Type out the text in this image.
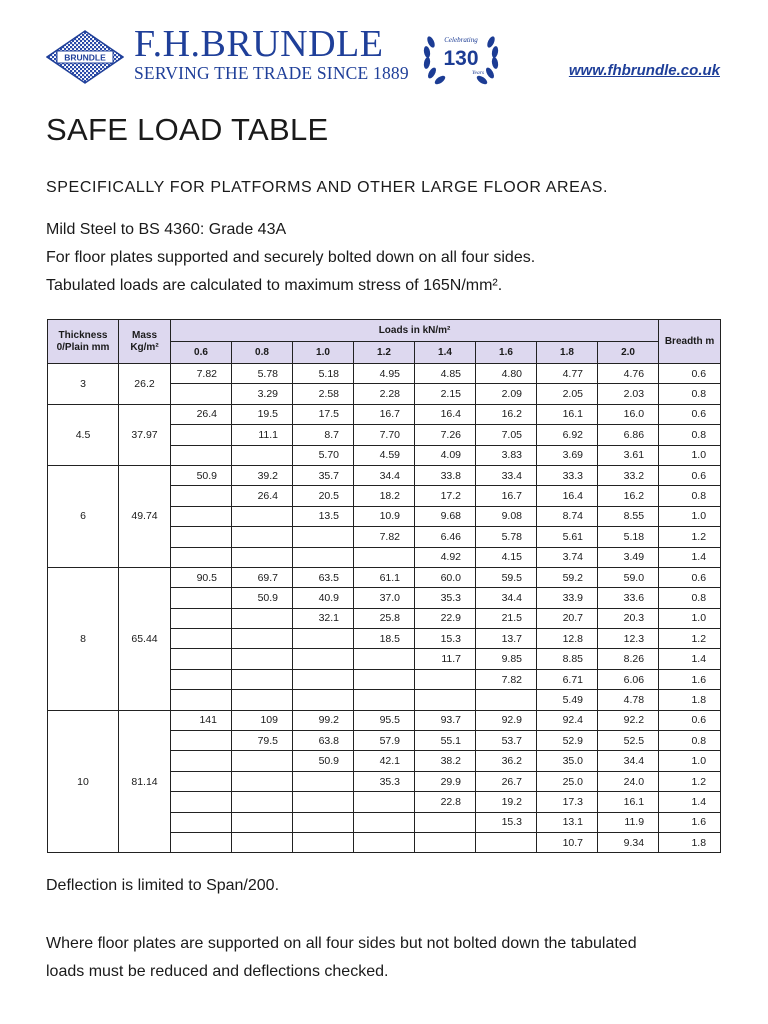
BRUNDLE F.H.BRUNDLE
SERVING THE TRADE SINCE 1889
Celebrating
130
Years	www.fhbrundle.co.uk
SAFE LOAD TABLE
SPECIFICALLY FOR PLATFORMS AND OTHER LARGE FLOOR AREAS.

Mild Steel to BS 4360: Grade 43A

For floor plates supported and securely bolted down on all four sides.

Tabulated loads are calculated to maximum stress of 165N/mm².

Thickness 0/Plain mm	Mass Kg/m²	Loads in kN/m²								Breadth m
		0.6	0.8	1.0	1.2	1.4	1.6	1.8	2.0	
3	26.2	7.82	5.78	5.18	4.95	4.85	4.80	4.77	4.76	0.6
			3.29	2.58	2.28	2.15	2.09	2.05	2.03	0.8
4.5	37.97	26.4	19.5	17.5	16.7	16.4	16.2	16.1	16.0	0.6
			11.1	8.7	7.70	7.26	7.05	6.92	6.86	0.8
				5.70	4.59	4.09	3.83	3.69	3.61	1.0
6	49.74	50.9	39.2	35.7	34.4	33.8	33.4	33.3	33.2	0.6
			26.4	20.5	18.2	17.2	16.7	16.4	16.2	0.8
				13.5	10.9	9.68	9.08	8.74	8.55	1.0
					7.82	6.46	5.78	5.61	5.18	1.2
						4.92	4.15	3.74	3.49	1.4
8	65.44	90.5	69.7	63.5	61.1	60.0	59.5	59.2	59.0	0.6
			50.9	40.9	37.0	35.3	34.4	33.9	33.6	0.8
				32.1	25.8	22.9	21.5	20.7	20.3	1.0
					18.5	15.3	13.7	12.8	12.3	1.2
						11.7	9.85	8.85	8.26	1.4
							7.82	6.71	6.06	1.6
								5.49	4.78	1.8
10	81.14	141	109	99.2	95.5	93.7	92.9	92.4	92.2	0.6
			79.5	63.8	57.9	55.1	53.7	52.9	52.5	0.8
				50.9	42.1	38.2	36.2	35.0	34.4	1.0
					35.3	29.9	26.7	25.0	24.0	1.2
						22.8	19.2	17.3	16.1	1.4
							15.3	13.1	11.9	1.6
								10.7	9.34	1.8

Deflection is limited to Span/200.

Where floor plates are supported on all four sides but not bolted down the tabulated

loads must be reduced and deflections checked.
